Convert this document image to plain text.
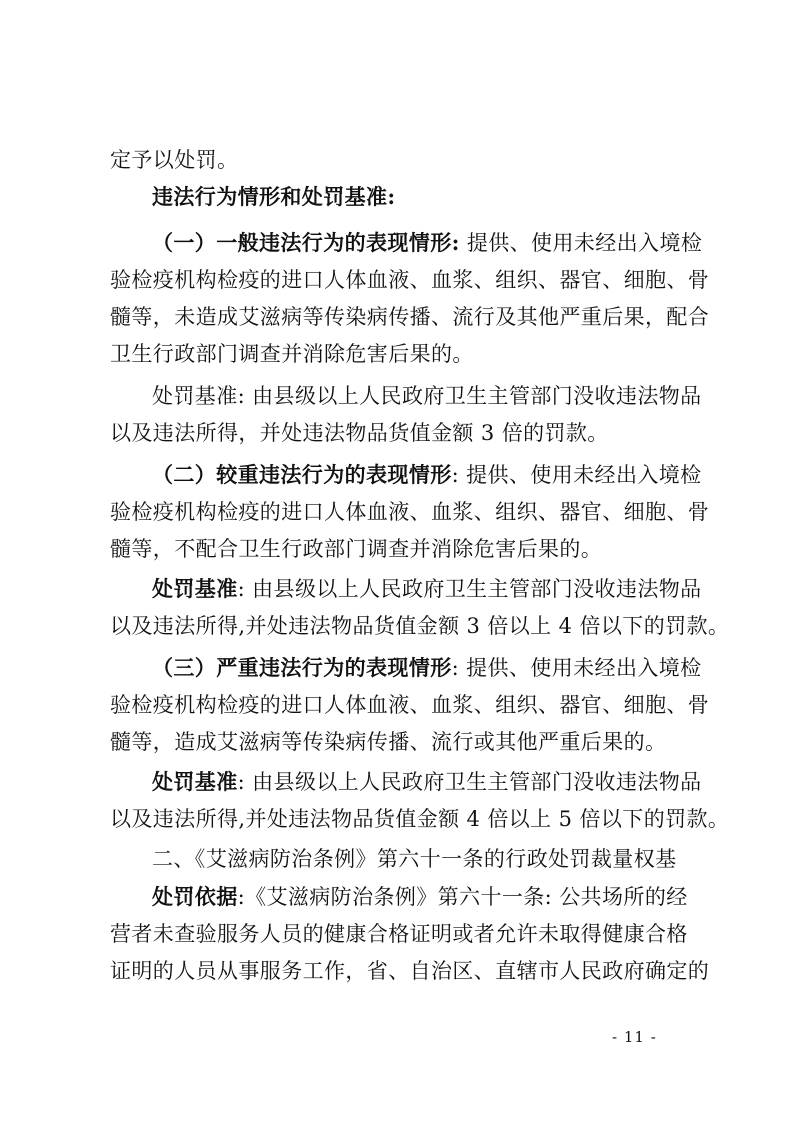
定予以处罚。
违法行为情形和处罚基准:
（一）一般违法行为的表现情形: 提供、使用未经出入境检
验检疫机构检疫的进口人体血液、血浆、组织、器官、细胞、骨
髓等，未造成艾滋病等传染病传播、流行及其他严重后果，配合
卫生行政部门调查并消除危害后果的。
处罚基准: 由县级以上人民政府卫生主管部门没收违法物品
以及违法所得，并处违法物品货值金额 3 倍的罚款。
（二）较重违法行为的表现情形: 提供、使用未经出入境检
验检疫机构检疫的进口人体血液、血浆、组织、器官、细胞、骨
髓等，不配合卫生行政部门调查并消除危害后果的。
处罚基准: 由县级以上人民政府卫生主管部门没收违法物品
以及违法所得,并处违法物品货值金额 3 倍以上 4 倍以下的罚款。
（三）严重违法行为的表现情形: 提供、使用未经出入境检
验检疫机构检疫的进口人体血液、血浆、组织、器官、细胞、骨
髓等，造成艾滋病等传染病传播、流行或其他严重后果的。
处罚基准: 由县级以上人民政府卫生主管部门没收违法物品
以及违法所得,并处违法物品货值金额 4 倍以上 5 倍以下的罚款。
二、《艾滋病防治条例》第六十一条的行政处罚裁量权基
处罚依据:《艾滋病防治条例》第六十一条: 公共场所的经
营者未查验服务人员的健康合格证明或者允许未取得健康合格
证明的人员从事服务工作，省、自治区、直辖市人民政府确定的
- 11 -
